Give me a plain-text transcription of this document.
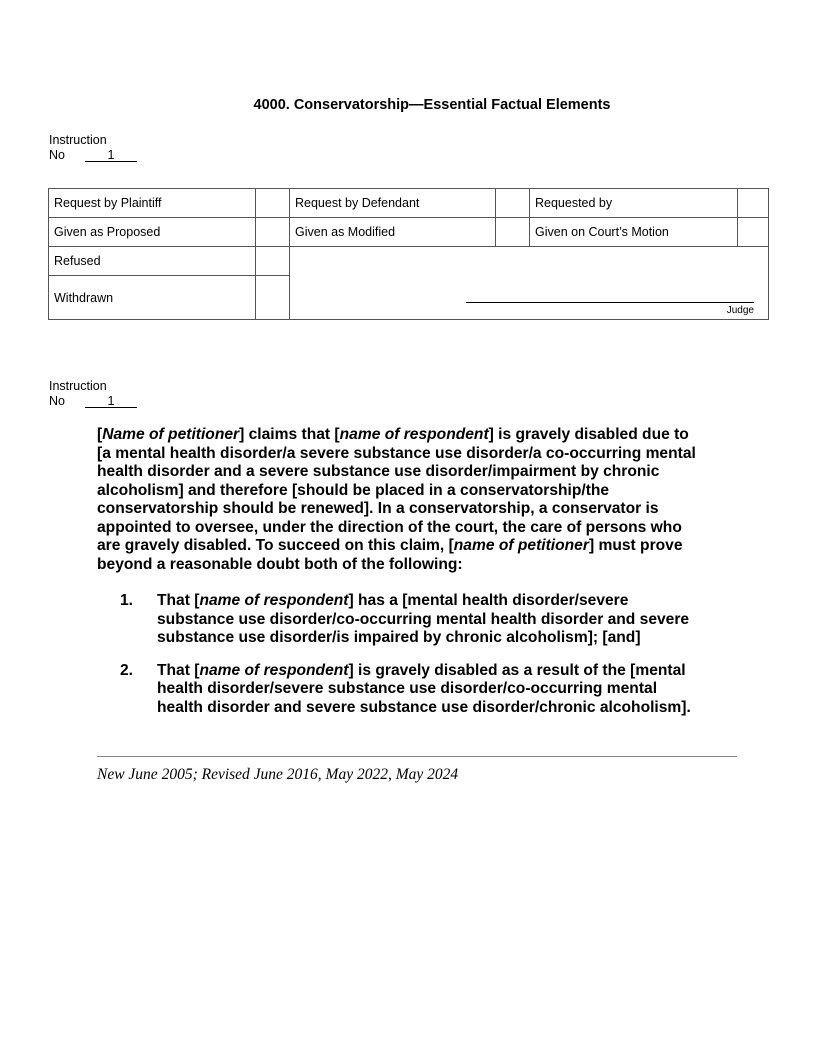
4000. Conservatorship—Essential Factual Elements
Instruction
No	1
Request by Plaintiff		Request by Defendant		Requested by	
Given as Proposed		Given as Modified		Given on Court’s Motion	
Refused					
Withdrawn					
Judge
Instruction
No	1
[Name of petitioner] claims that [name of respondent] is gravely disabled due to
[a mental health disorder/a severe substance use disorder/a co-occurring mental
health disorder and a severe substance use disorder/impairment by chronic
alcoholism] and therefore [should be placed in a conservatorship/the
conservatorship should be renewed]. In a conservatorship, a conservator is
appointed to oversee, under the direction of the court, the care of persons who
are gravely disabled. To succeed on this claim, [name of petitioner] must prove
beyond a reasonable doubt both of the following:
1. That [name of respondent] has a [mental health disorder/severe
substance use disorder/co-occurring mental health disorder and severe
substance use disorder/is impaired by chronic alcoholism]; [and]
2. That [name of respondent] is gravely disabled as a result of the [mental
health disorder/severe substance use disorder/co-occurring mental
health disorder and severe substance use disorder/chronic alcoholism].
New June 2005; Revised June 2016, May 2022, May 2024
